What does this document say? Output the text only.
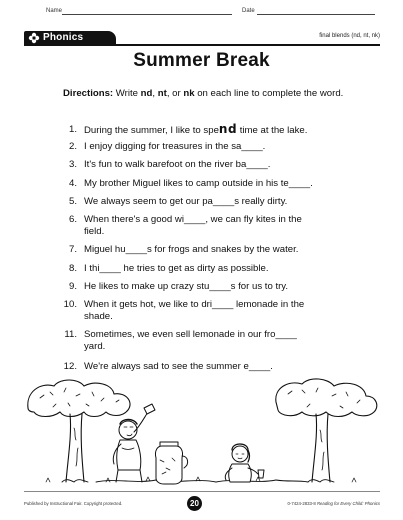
Name	Date
Phonics	final blends (nd, nt, nk)
Summer Break
Directions: Write nd, nt, or nk on each line to complete the word.
1. During the summer, I like to spend time at the lake.
2. I enjoy digging for treasures in the sa____.
3. It's fun to walk barefoot on the river ba____.
4. My brother Miguel likes to camp outside in his te____.
5. We always seem to get our pa____s really dirty.
6. When there's a good wi____, we can fly kites in the field.
7. Miguel hu____s for frogs and snakes by the water.
8. I thi____ he tries to get as dirty as possible.
9. He likes to make up crazy stu____s for us to try.
10. When it gets hot, we like to dri____ lemonade in the shade.
11. Sometimes, we even sell lemonade in our fro____ yard.
12. We're always sad to see the summer e____.
Published by Instructional Fair. Copyright protected.	20	0-7424-2833-8 Reading for Every Child: Phonics
